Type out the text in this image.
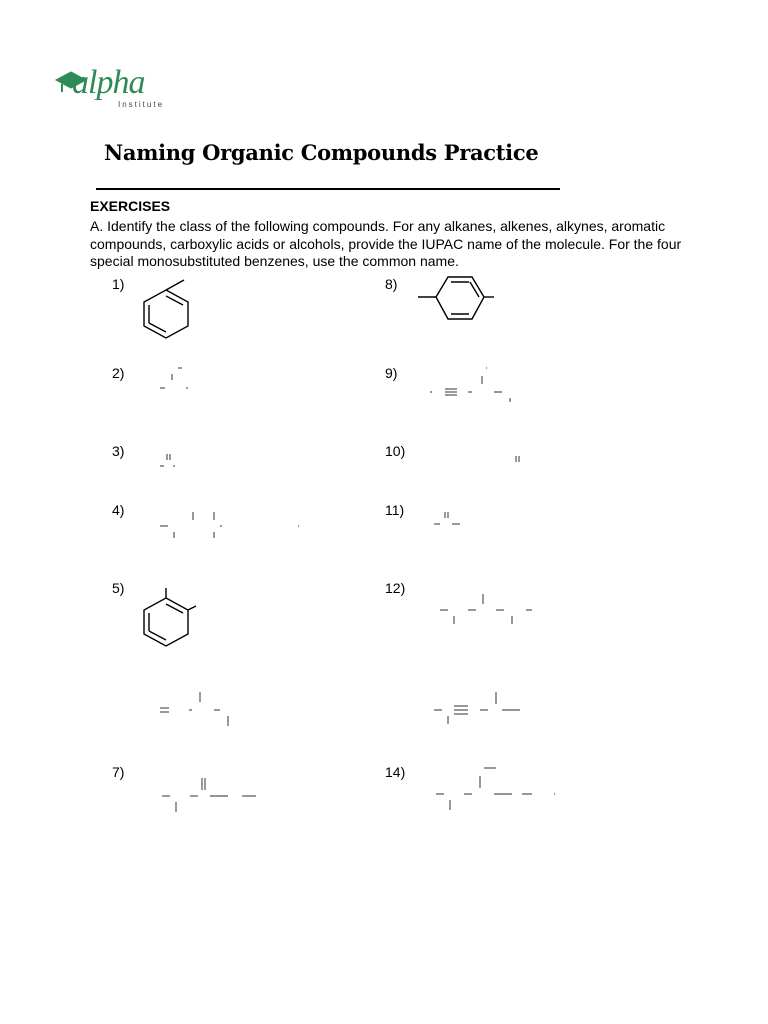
alpha
Institute
Naming Organic Compounds Practice
EXERCISES
A. Identify the class of the following compounds. For any alkanes, alkenes, alkynes, aromatic compounds, carboxylic acids or alcohols, provide the IUPAC name of the molecule. For the four special monosubstituted benzenes, use the common name.
1)
2)
3)
4)
5)
7)
8)
9)
10)
11)
12)
14)
